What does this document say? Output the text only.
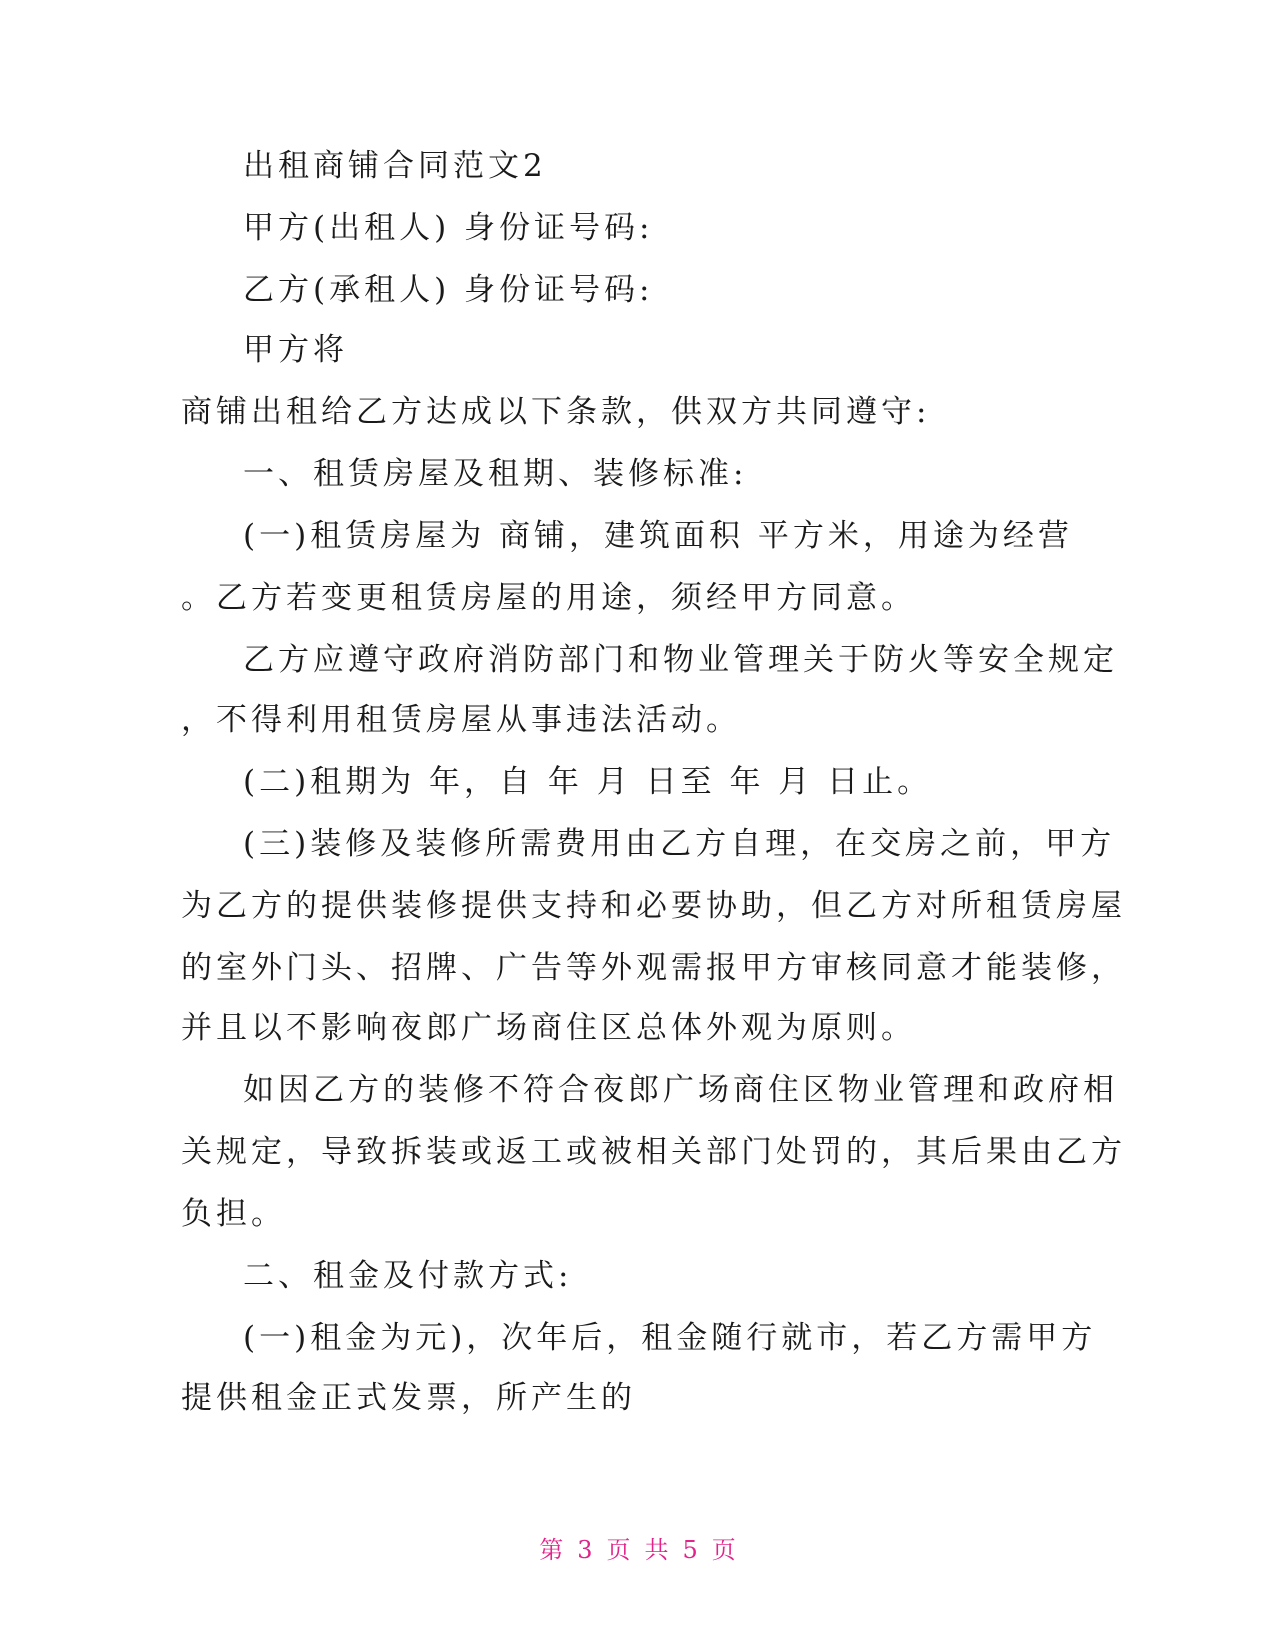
出租商铺合同范文2
甲方(出租人) 身份证号码:
乙方(承租人) 身份证号码:
甲方将
商铺出租给乙方达成以下条款，供双方共同遵守:
一、租赁房屋及租期、装修标准:
(一)租赁房屋为 商铺，建筑面积 平方米，用途为经营
。乙方若变更租赁房屋的用途，须经甲方同意。
乙方应遵守政府消防部门和物业管理关于防火等安全规定
，不得利用租赁房屋从事违法活动。
(二)租期为 年，自 年 月 日至 年 月 日止。
(三)装修及装修所需费用由乙方自理，在交房之前，甲方
为乙方的提供装修提供支持和必要协助，但乙方对所租赁房屋
的室外门头、招牌、广告等外观需报甲方审核同意才能装修，
并且以不影响夜郎广场商住区总体外观为原则。
如因乙方的装修不符合夜郎广场商住区物业管理和政府相
关规定，导致拆装或返工或被相关部门处罚的，其后果由乙方
负担。
二、租金及付款方式:
(一)租金为元)，次年后，租金随行就市，若乙方需甲方
提供租金正式发票，所产生的
第 3 页 共 5 页
